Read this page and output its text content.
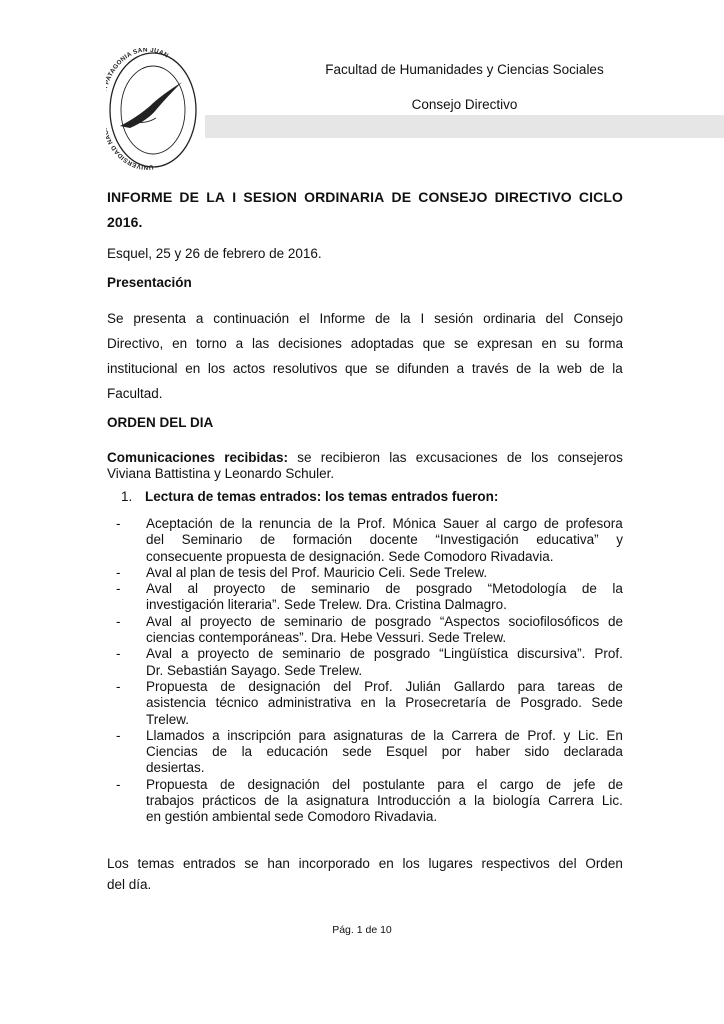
UNIVERSIDAD N TAGONIA SAN JUAN
Facultad de Humanidades y Ciencias Sociales
Consejo Directivo
INFORME DE LA I SESION ORDINARIA DE CONSEJO DIRECTIVO CICLO
2016.
Esquel, 25 y 26 de febrero de 2016.
Presentación
Se presenta a continuación el Informe de la I sesión ordinaria del Consejo
Directivo, en torno a las decisiones adoptadas que se expresan en su forma
institucional en los actos resolutivos que se difunden a través de la web de la
Facultad.
ORDEN DEL DIA
Comunicaciones recibidas: se recibieron las excusaciones de los consejeros
Viviana Battistina y Leonardo Schuler.
1. Lectura de temas entrados: los temas entrados fueron:
-	Aceptación de la renuncia de la Prof. Mónica Sauer al cargo de profesora
del Seminario de formación docente “Investigación educativa” y
consecuente propuesta de designación. Sede Comodoro Rivadavia.
-	Aval al plan de tesis del Prof. Mauricio Celi. Sede Trelew.
-	Aval al proyecto de seminario de posgrado “Metodología de la
investigación literaria”. Sede Trelew. Dra. Cristina Dalmagro.
-	Aval al proyecto de seminario de posgrado “Aspectos sociofilosóficos de
ciencias contemporáneas”. Dra. Hebe Vessuri. Sede Trelew.
-	Aval a proyecto de seminario de posgrado “Lingüística discursiva”. Prof.
Dr. Sebastián Sayago. Sede Trelew.
-	Propuesta de designación del Prof. Julián Gallardo para tareas de
asistencia técnico administrativa en la Prosecretaría de Posgrado. Sede
Trelew.
-	Llamados a inscripción para asignaturas de la Carrera de Prof. y Lic. En
Ciencias de la educación sede Esquel por haber sido declarada
desiertas.
-	Propuesta de designación del postulante para el cargo de jefe de
trabajos prácticos de la asignatura Introducción a la biología Carrera Lic.
en gestión ambiental sede Comodoro Rivadavia.
Los temas entrados se han incorporado en los lugares respectivos del Orden
del día.
Pág. 1 de 10
